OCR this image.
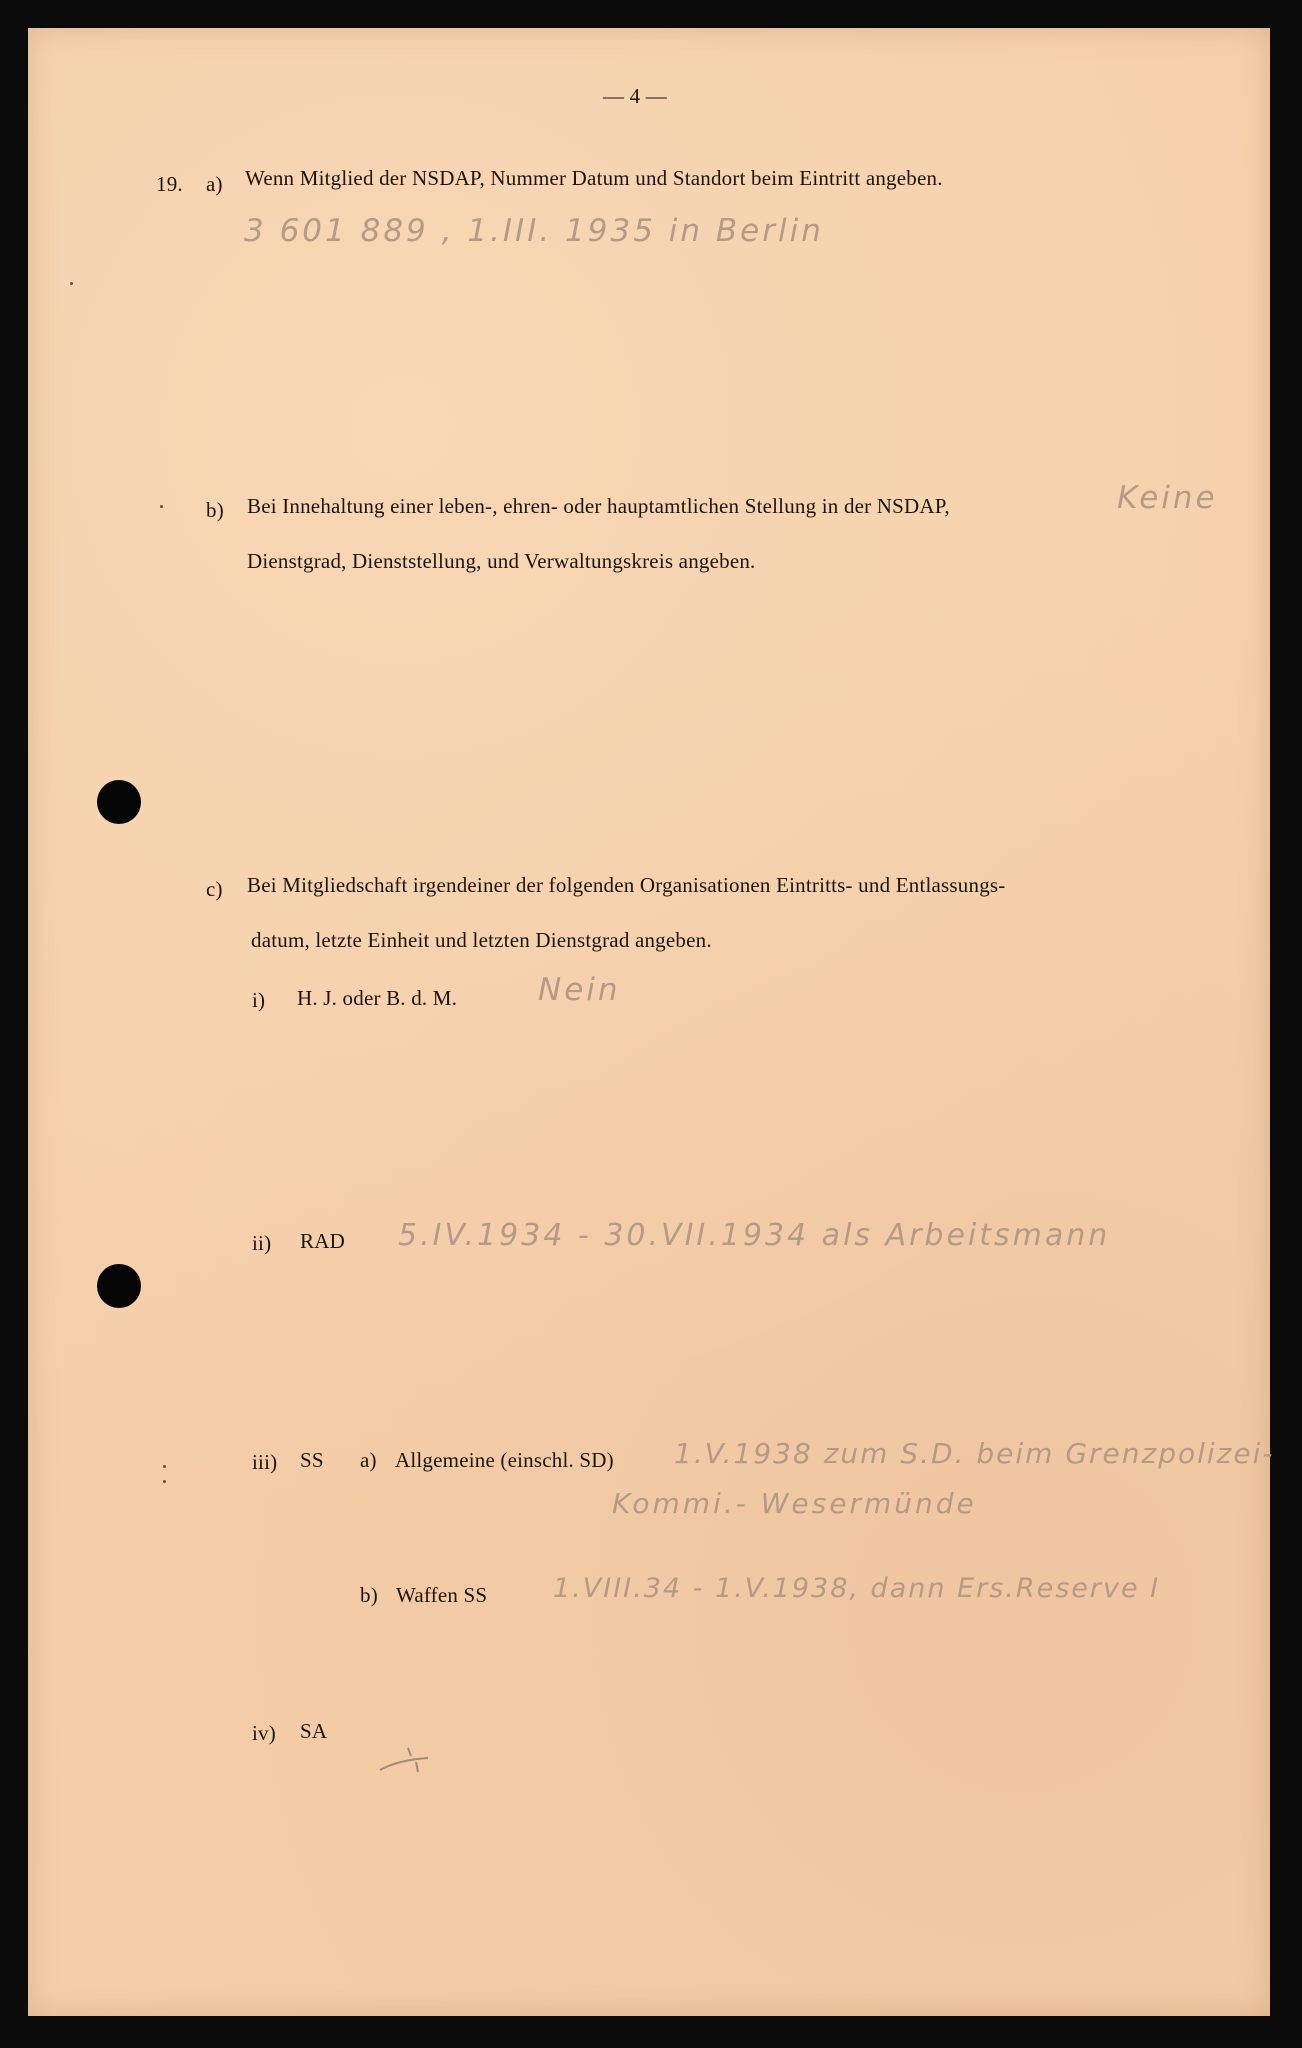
— 4 —
19. a) Wenn Mitglied der NSDAP, Nummer Datum und Standort beim Eintritt angeben.
3 601 889 , 1.III. 1935 in Berlin
b) Bei Innehaltung einer leben-, ehren- oder hauptamtlichen Stellung in der NSDAP,	Keine
Dienstgrad, Dienststellung, und Verwaltungskreis angeben.
c) Bei Mitgliedschaft irgendeiner der folgenden Organisationen Eintritts- und Entlassungs-
datum, letzte Einheit und letzten Dienstgrad angeben.
i) H. J. oder B. d. M.	Nein
ii) RAD 5.IV.1934 - 30.VII.1934 als Arbeitsmann
iii) SS a) Allgemeine (einschl. SD) 1.V.1938 zum S.D. beim Grenzpolizei-
Kommi.- Wesermünde
b) Waffen SS 1.VIII.34 - 1.V.1938, dann Ers.Reserve I
iv) SA
